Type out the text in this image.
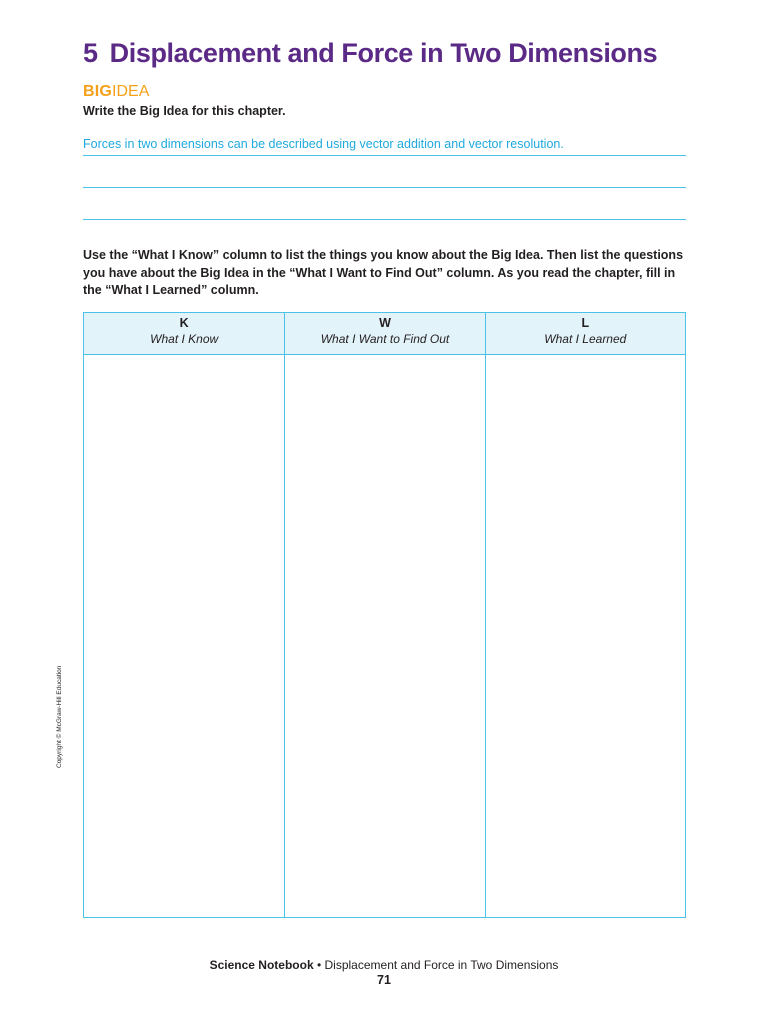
5 Displacement and Force in Two Dimensions
BIGIDEA
Write the Big Idea for this chapter.
Forces in two dimensions can be described using vector addition and vector resolution.

Use the “What I Know” column to list the things you know about the Big Idea. Then list the questions you have about the Big Idea in the “What I Want to Find Out” column. As you read the chapter, fill in the “What I Learned” column.

K
What I Know
W
What I Want to Find Out
L
What I Learned
Copyright © McGraw-Hill Education
Science Notebook • Displacement and Force in Two Dimensions
71
